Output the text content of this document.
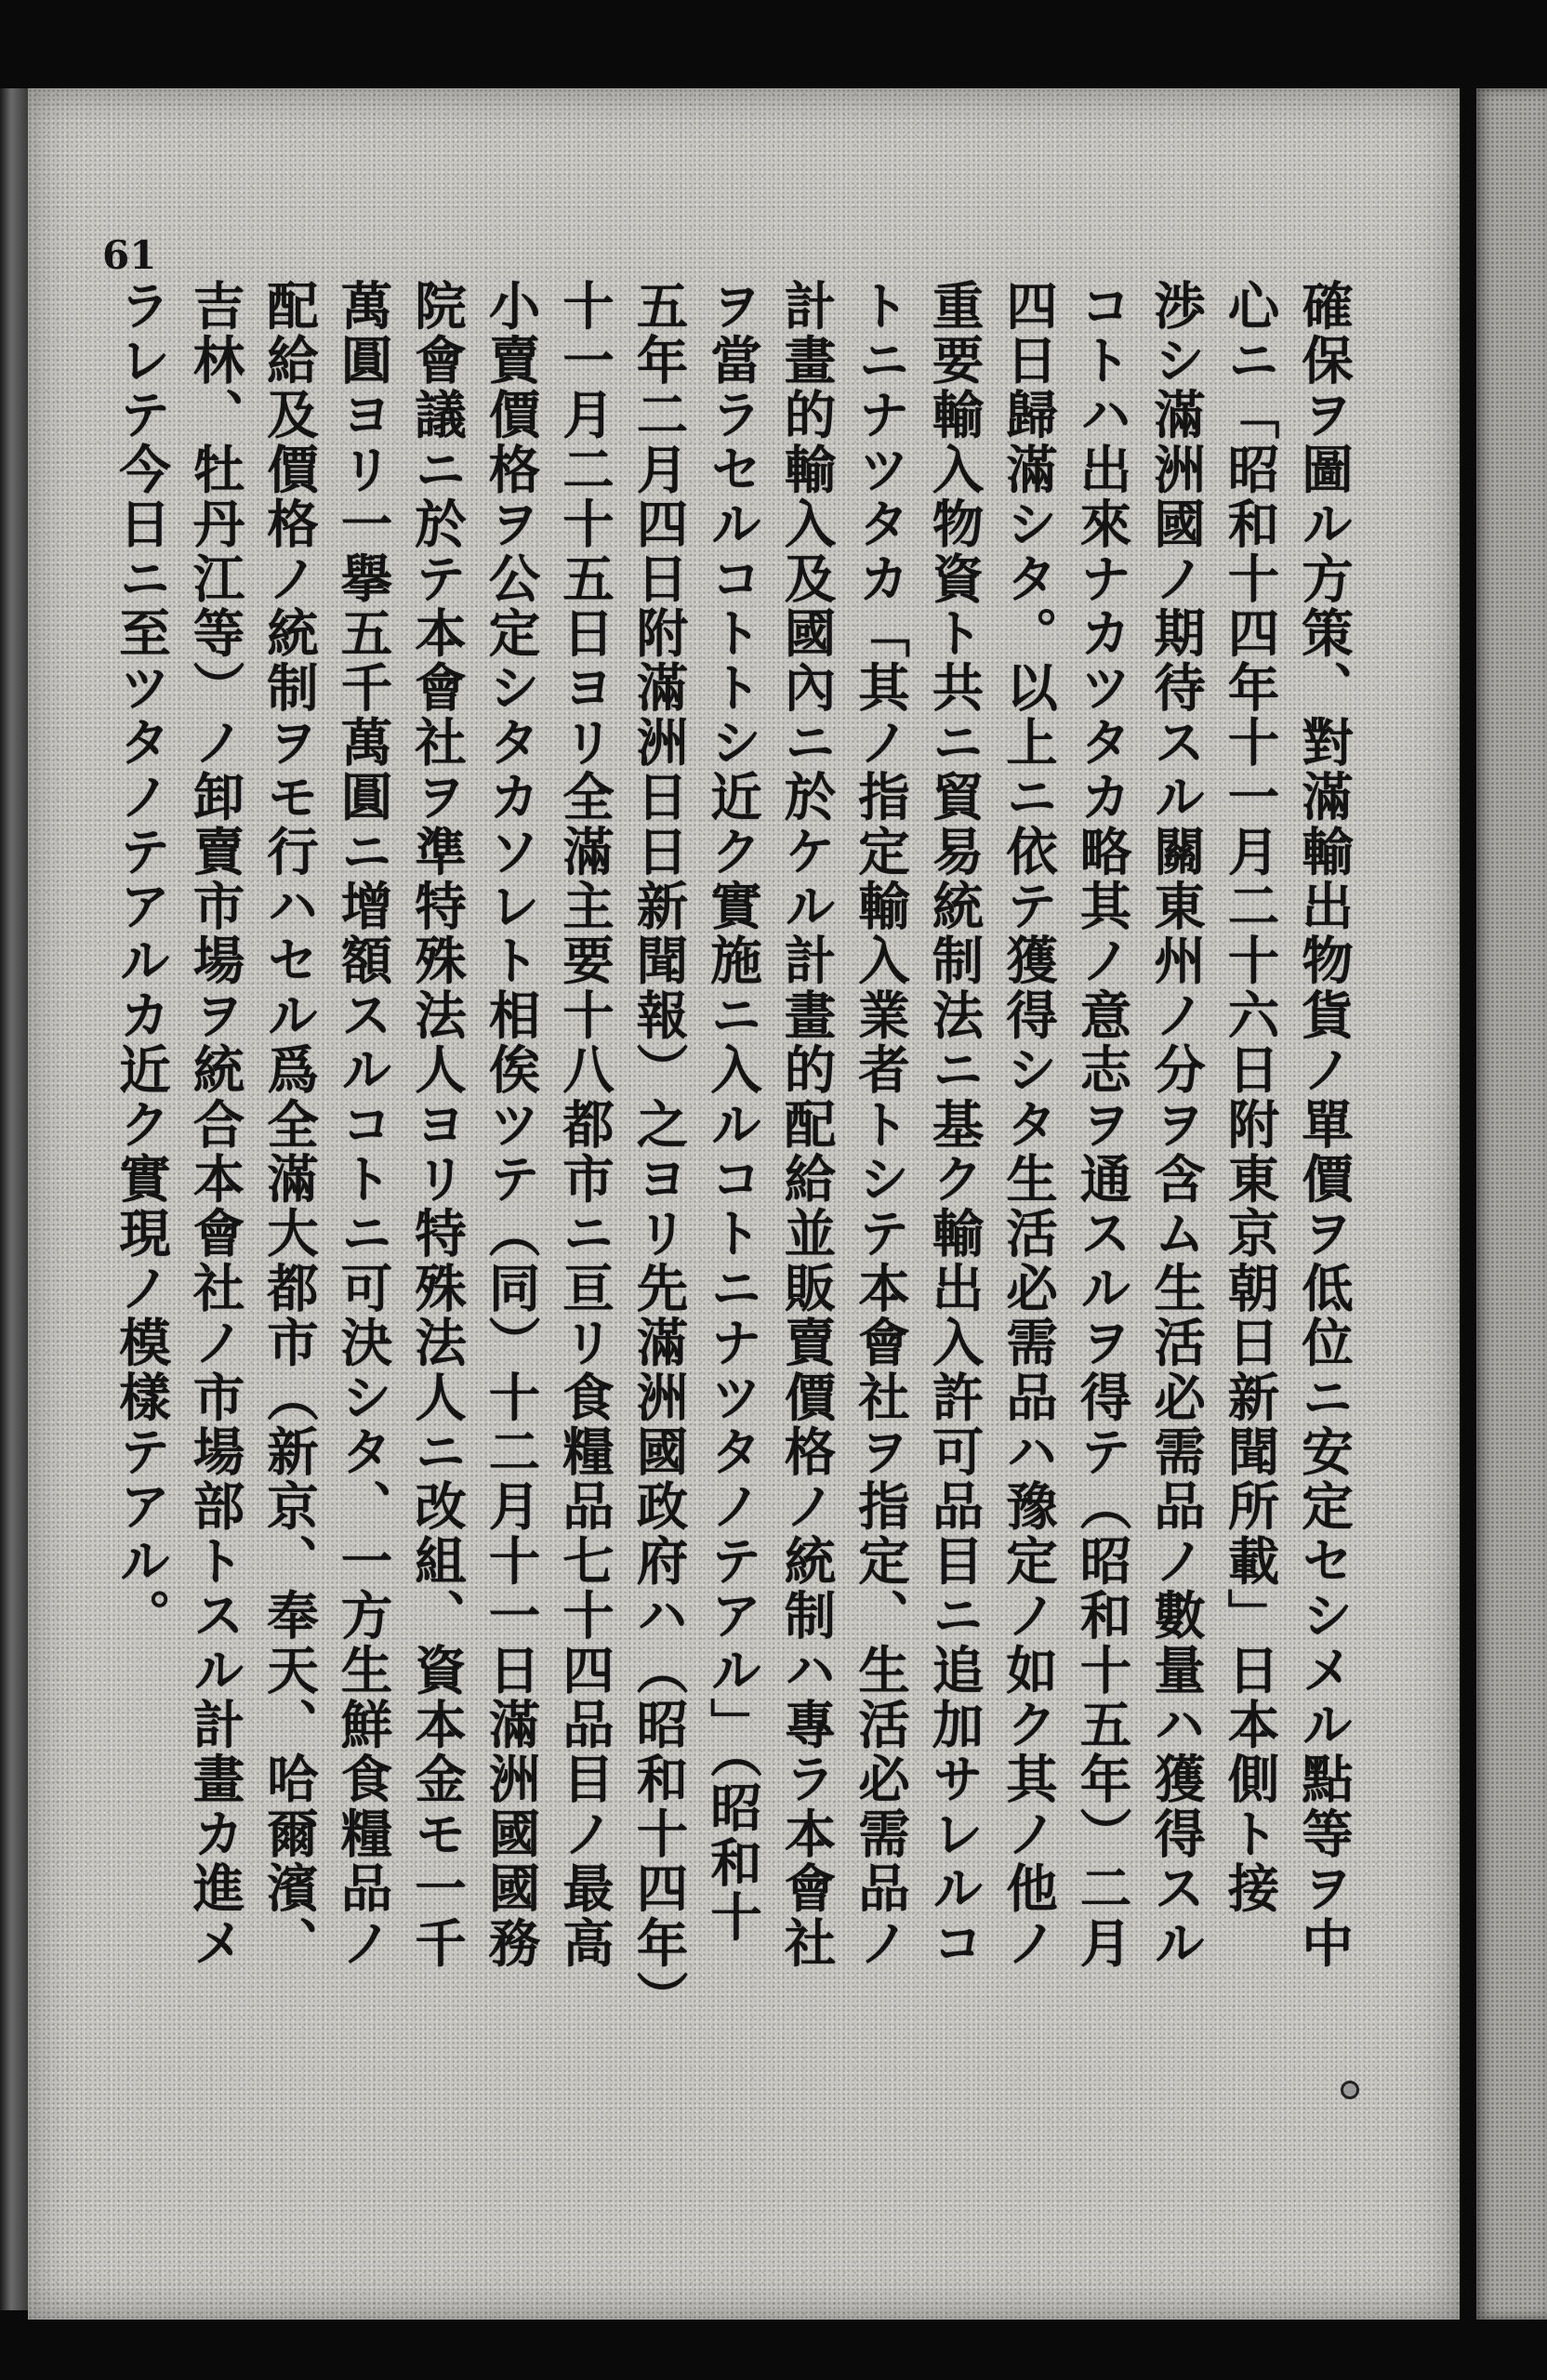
61
確保ヲ圖ル方策、對滿輸出物貨ノ單價ヲ低位ニ安定セシメル點等ヲ中
心ニ「昭和十四年十一月二十六日附東京朝日新聞所載」日本側ト接
渉シ滿洲國ノ期待スル關東州ノ分ヲ含ム生活必需品ノ數量ハ獲得スル
コトハ出來ナカツタカ略其ノ意志ヲ通スルヲ得テ（昭和十五年）二月
四日歸滿シタ。以上ニ依テ獲得シタ生活必需品ハ豫定ノ如ク其ノ他ノ
重要輸入物資ト共ニ貿易統制法ニ基ク輸出入許可品目ニ追加サレルコ
トニナツタカ「其ノ指定輸入業者トシテ本會社ヲ指定、生活必需品ノ
計畫的輸入及國內ニ於ケル計畫的配給並販賣價格ノ統制ハ專ラ本會社
ヲ當ラセルコトトシ近ク實施ニ入ルコトニナツタノテアル」（昭和十
五年二月四日附滿洲日日新聞報）之ヨリ先滿洲國政府ハ（昭和十四年）
十一月二十五日ヨリ全滿主要十八都市ニ亘リ食糧品七十四品目ノ最高
小賣價格ヲ公定シタカソレト相俟ツテ（同）十二月十一日滿洲國國務
院會議ニ於テ本會社ヲ準特殊法人ヨリ特殊法人ニ改組、資本金モ一千
萬圓ヨリ一擧五千萬圓ニ增額スルコトニ可決シタ、一方生鮮食糧品ノ
配給及價格ノ統制ヲモ行ハセル爲全滿大都市（新京、奉天、哈爾濱、
吉林、牡丹江等）ノ卸賣市場ヲ統合本會社ノ市場部トスル計畫カ進メ
ラレテ今日ニ至ツタノテアルカ近ク實現ノ模樣テアル。
